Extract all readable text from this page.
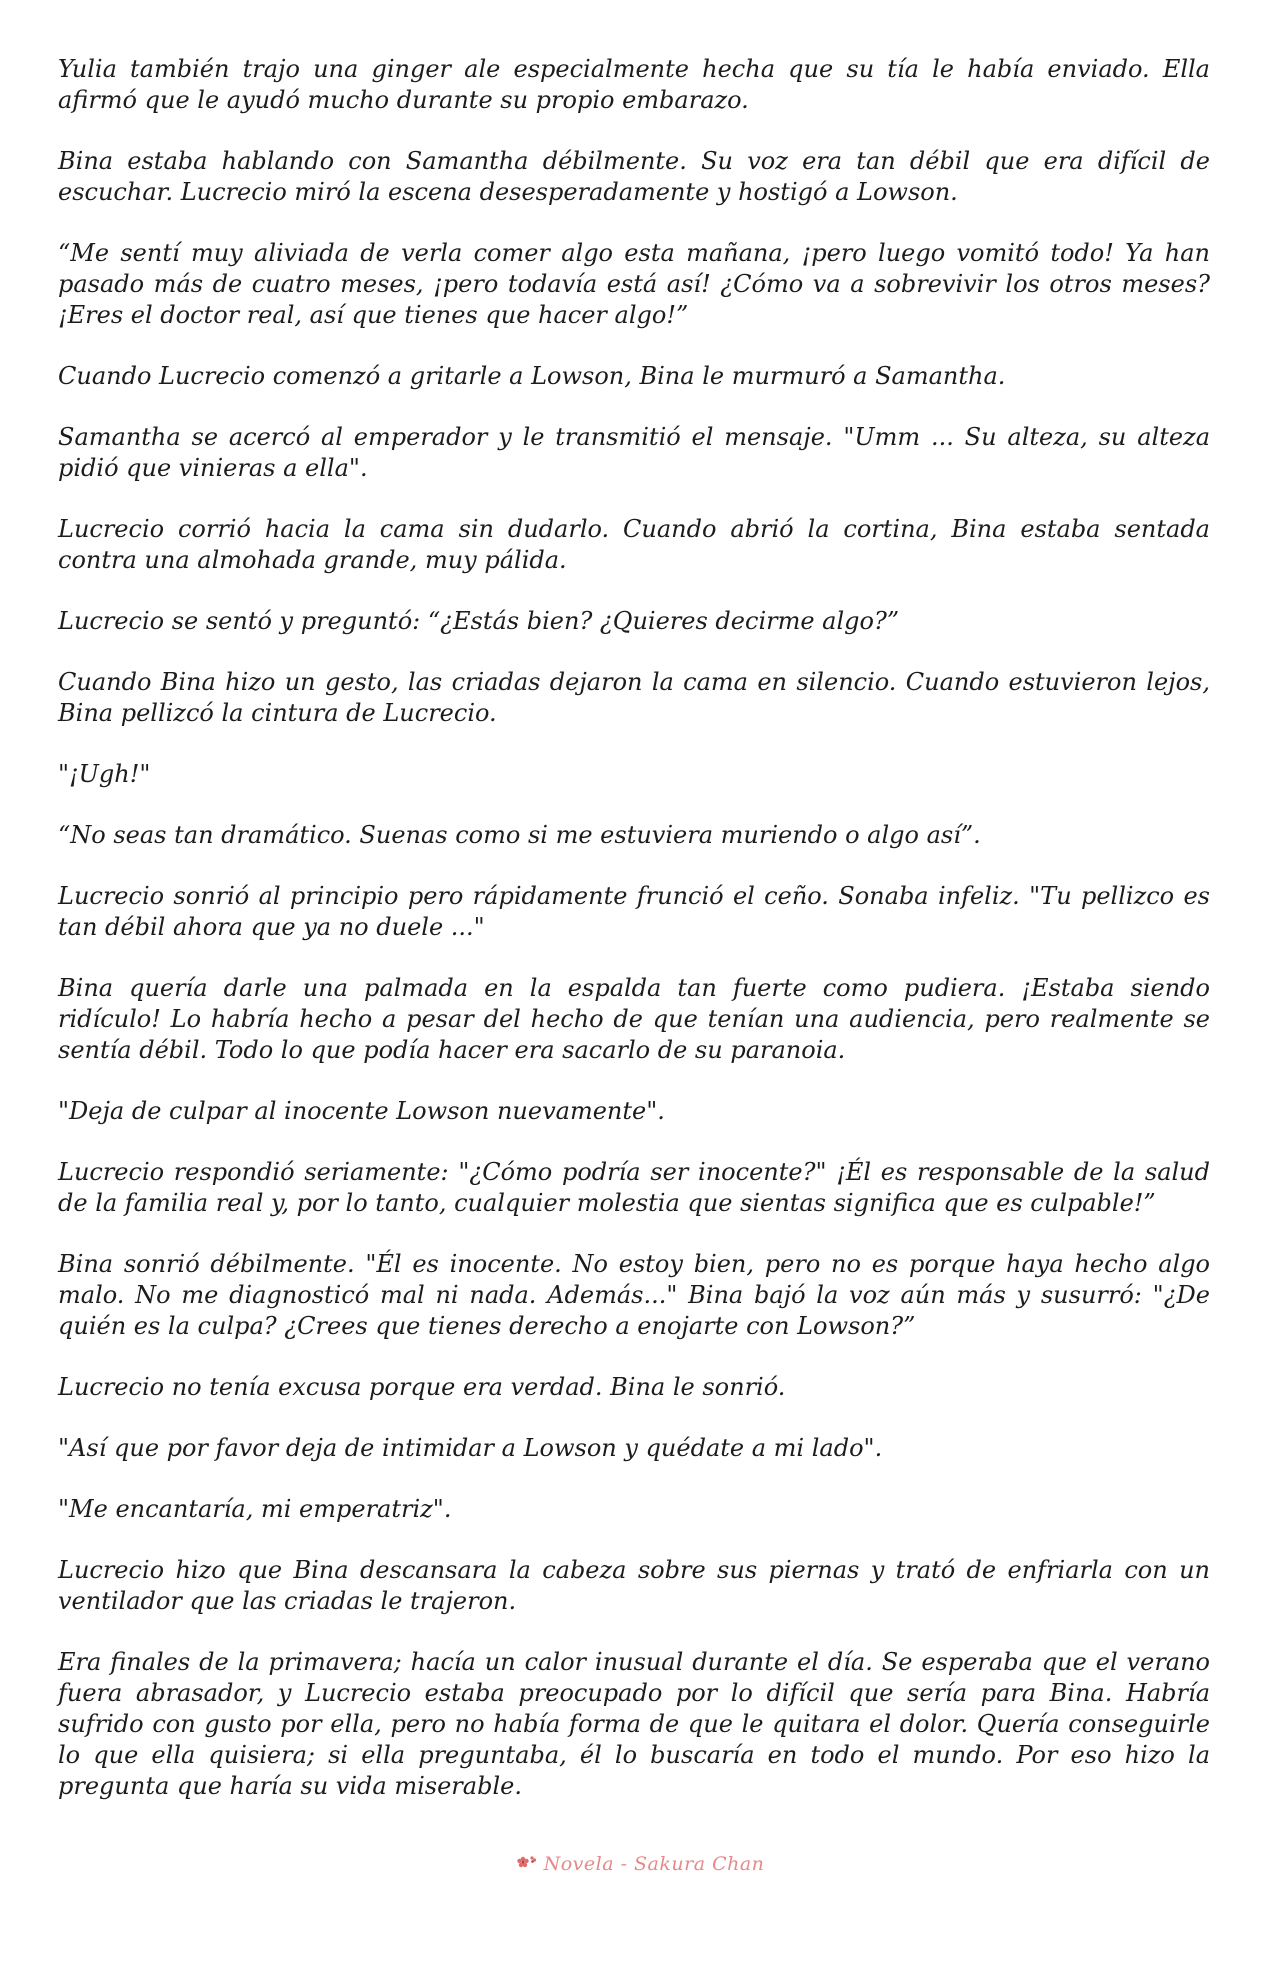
Yulia también trajo una ginger ale especialmente hecha que su tía le había enviado. Ella afirmó que le ayudó mucho durante su propio embarazo.

Bina estaba hablando con Samantha débilmente. Su voz era tan débil que era difícil de escuchar. Lucrecio miró la escena desesperadamente y hostigó a Lowson.

“Me sentí muy aliviada de verla comer algo esta mañana, ¡pero luego vomitó todo! Ya han pasado más de cuatro meses, ¡pero todavía está así! ¿Cómo va a sobrevivir los otros meses? ¡Eres el doctor real, así que tienes que hacer algo!”

Cuando Lucrecio comenzó a gritarle a Lowson, Bina le murmuró a Samantha.

Samantha se acercó al emperador y le transmitió el mensaje. "Umm ... Su alteza, su alteza pidió que vinieras a ella".

Lucrecio corrió hacia la cama sin dudarlo. Cuando abrió la cortina, Bina estaba sentada contra una almohada grande, muy pálida.

Lucrecio se sentó y preguntó: “¿Estás bien? ¿Quieres decirme algo?”

Cuando Bina hizo un gesto, las criadas dejaron la cama en silencio. Cuando estuvieron lejos, Bina pellizcó la cintura de Lucrecio.

"¡Ugh!"

“No seas tan dramático. Suenas como si me estuviera muriendo o algo así”.

Lucrecio sonrió al principio pero rápidamente frunció el ceño. Sonaba infeliz. "Tu pellizco es tan débil ahora que ya no duele ..."

Bina quería darle una palmada en la espalda tan fuerte como pudiera. ¡Estaba siendo ridículo! Lo habría hecho a pesar del hecho de que tenían una audiencia, pero realmente se sentía débil. Todo lo que podía hacer era sacarlo de su paranoia.

"Deja de culpar al inocente Lowson nuevamente".

Lucrecio respondió seriamente: "¿Cómo podría ser inocente?" ¡Él es responsable de la salud de la familia real y, por lo tanto, cualquier molestia que sientas significa que es culpable!”

Bina sonrió débilmente. "Él es inocente. No estoy bien, pero no es porque haya hecho algo malo. No me diagnosticó mal ni nada. Además..." Bina bajó la voz aún más y susurró: "¿De quién es la culpa? ¿Crees que tienes derecho a enojarte con Lowson?”

Lucrecio no tenía excusa porque era verdad. Bina le sonrió.

"Así que por favor deja de intimidar a Lowson y quédate a mi lado".

"Me encantaría, mi emperatriz".

Lucrecio hizo que Bina descansara la cabeza sobre sus piernas y trató de enfriarla con un ventilador que las criadas le trajeron.

Era finales de la primavera; hacía un calor inusual durante el día. Se esperaba que el verano fuera abrasador, y Lucrecio estaba preocupado por lo difícil que sería para Bina. Habría sufrido con gusto por ella, pero no había forma de que le quitara el dolor. Quería conseguirle lo que ella quisiera; si ella preguntaba, él lo buscaría en todo el mundo. Por eso hizo la pregunta que haría su vida miserable.

Novela - Sakura Chan
